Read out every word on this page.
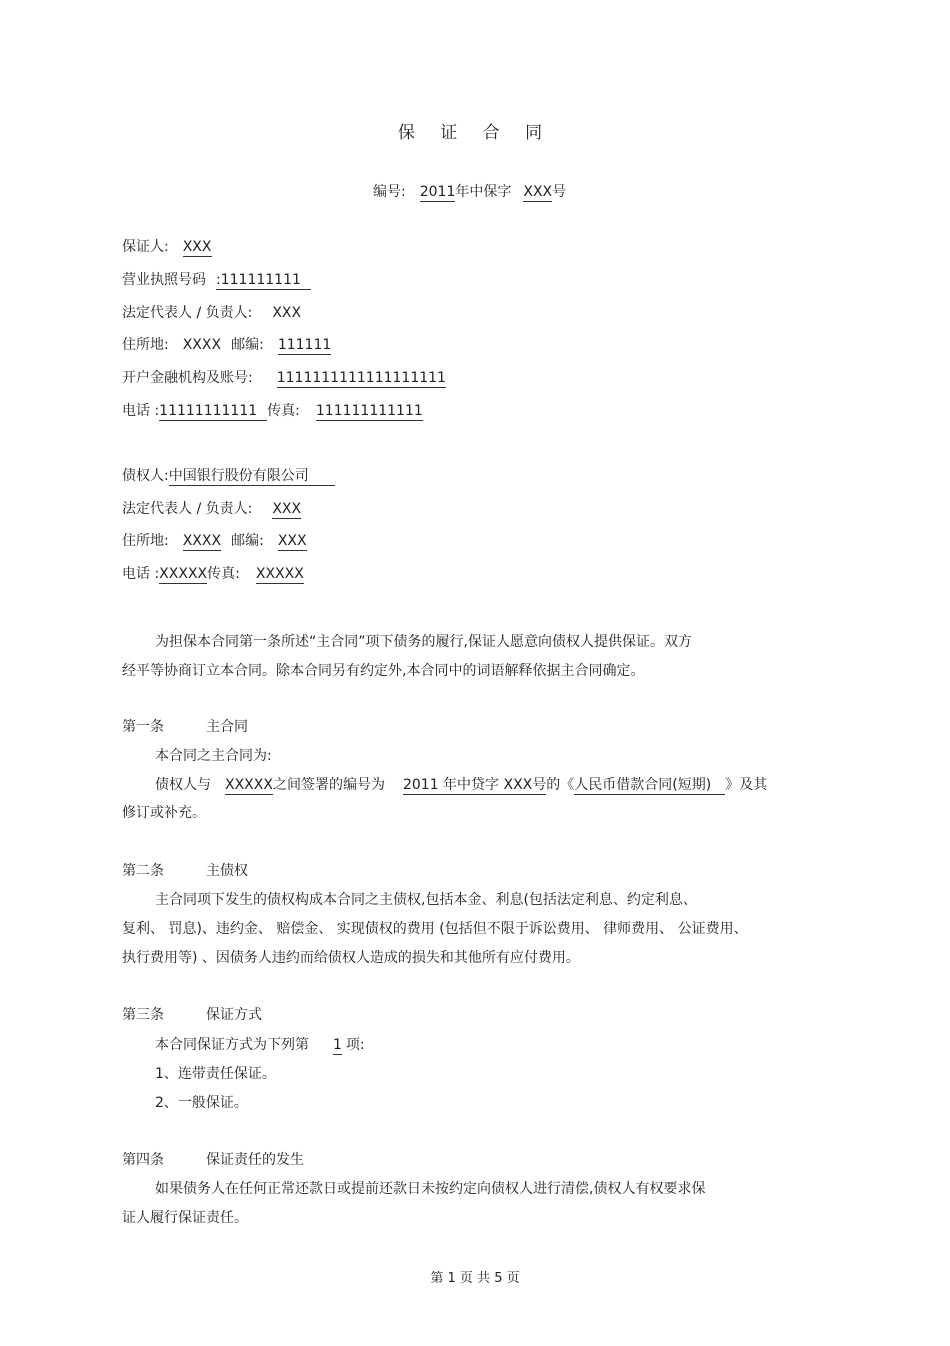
保 证 合 同
编号: 2011年中保字 XXX号
保证人: XXX
营业执照号码 :111111111
法定代表人 / 负责人: XXX
住所地: XXXX 邮编: 111111
开户金融机构及账号: 1111111111111111111
电话 :11111111111 传真: 111111111111
债权人:中国银行股份有限公司
法定代表人 / 负责人: XXX
住所地: XXXX 邮编: XXX
电话 :XXXXX传真: XXXXX
为担保本合同第一条所述“主合同”项下债务的履行,保证人愿意向债权人提供保证。双方
经平等协商订立本合同。除本合同另有约定外,本合同中的词语解释依据主合同确定。
第一条	主合同
本合同之主合同为:
债权人与 XXXXX之间签署的编号为 2011 年中贷字 XXX号的《人民币借款合同(短期) 》及其
修订或补充。
第二条	主债权
主合同项下发生的债权构成本合同之主债权,包括本金、利息(包括法定利息、约定利息、
复利、 罚息)、违约金、 赔偿金、 实现债权的费用 (包括但不限于诉讼费用、 律师费用、 公证费用、
执行费用等) 、因债务人违约而给债权人造成的损失和其他所有应付费用。
第三条	保证方式
本合同保证方式为下列第 1 项:
1、连带责任保证。
2、一般保证。
第四条	保证责任的发生
如果债务人在任何正常还款日或提前还款日未按约定向债权人进行清偿,债权人有权要求保
证人履行保证责任。
第 1 页 共 5 页
